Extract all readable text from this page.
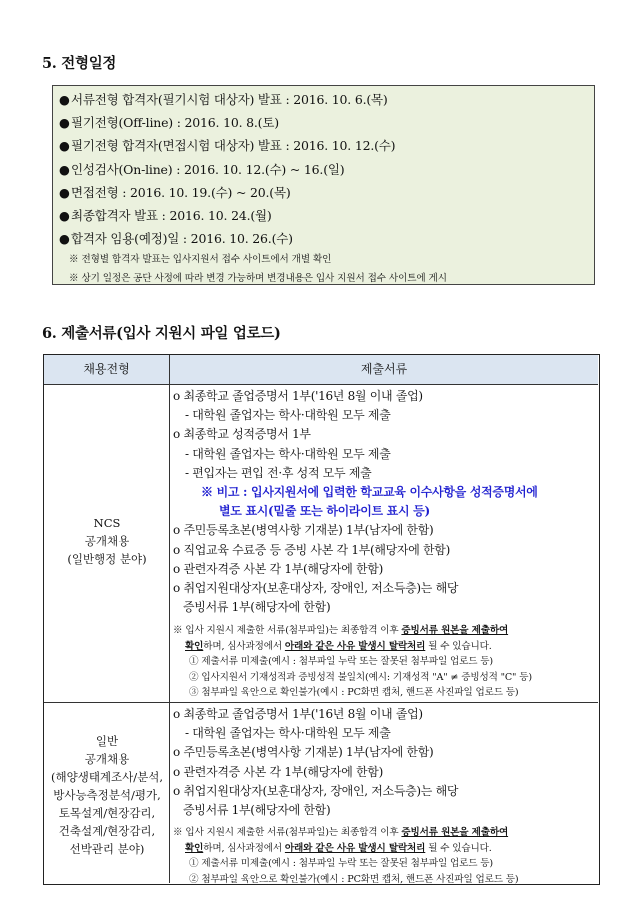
5. 전형일정
●서류전형 합격자(필기시험 대상자) 발표 : 2016. 10. 6.(목)
●필기전형(Off-line) : 2016. 10. 8.(토)
●필기전형 합격자(면접시험 대상자) 발표 : 2016. 10. 12.(수)
●인성검사(On-line) : 2016. 10. 12.(수) ~ 16.(일)
●면접전형 : 2016. 10. 19.(수) ~ 20.(목)
●최종합격자 발표 : 2016. 10. 24.(월)
●합격자 임용(예정)일 : 2016. 10. 26.(수)
※ 전형별 합격자 발표는 입사지원서 접수 사이트에서 개별 확인
※ 상기 일정은 공단 사정에 따라 변경 가능하며 변경내용은 입사 지원서 접수 사이트에 게시
6. 제출서류(입사 지원시 파일 업로드)
채용전형	제출서류
NCS
공개채용
(일반행정 분야)
o 최종학교 졸업증명서 1부('16년 8월 이내 졸업)
- 대학원 졸업자는 학사·대학원 모두 제출
o 최종학교 성적증명서 1부
- 대학원 졸업자는 학사·대학원 모두 제출
- 편입자는 편입 전·후 성적 모두 제출
※ 비고 : 입사지원서에 입력한 학교교육 이수사항을 성적증명서에
별도 표시(밑줄 또는 하이라이트 표시 등)
o 주민등록초본(병역사항 기재분) 1부(남자에 한함)
o 직업교육 수료증 등 증빙 사본 각 1부(해당자에 한함)
o 관련자격증 사본 각 1부(해당자에 한함)
o 취업지원대상자(보훈대상자, 장애인, 저소득층)는 해당
증빙서류 1부(해당자에 한함)
※ 입사 지원시 제출한 서류(첨부파일)는 최종합격 이후 증빙서류 원본을 제출하여
확인하며, 심사과정에서 아래와 같은 사유 발생시 탈락처리 될 수 있습니다.
① 제출서류 미제출(예시 : 첨부파일 누락 또는 잘못된 첨부파일 업로드 등)
② 입사지원서 기재성적과 증빙성적 불일치(예시: 기재성적 "A" ≠ 증빙성적 "C" 등)
③ 첨부파일 육안으로 확인불가(예시 : PC화면 캡처, 핸드폰 사진파일 업로드 등)
일반
공개채용
(해양생태계조사/분석,
방사능측정분석/평가,
토목설계/현장감리,
건축설계/현장감리,
선박관리 분야)
o 최종학교 졸업증명서 1부('16년 8월 이내 졸업)
- 대학원 졸업자는 학사·대학원 모두 제출
o 주민등록초본(병역사항 기재분) 1부(남자에 한함)
o 관련자격증 사본 각 1부(해당자에 한함)
o 취업지원대상자(보훈대상자, 장애인, 저소득층)는 해당
증빙서류 1부(해당자에 한함)
※ 입사 지원시 제출한 서류(첨부파일)는 최종합격 이후 증빙서류 원본을 제출하여
확인하며, 심사과정에서 아래와 같은 사유 발생시 탈락처리 될 수 있습니다.
① 제출서류 미제출(예시 : 첨부파일 누락 또는 잘못된 첨부파일 업로드 등)
② 첨부파일 육안으로 확인불가(예시 : PC화면 캡처, 핸드폰 사진파일 업로드 등)
